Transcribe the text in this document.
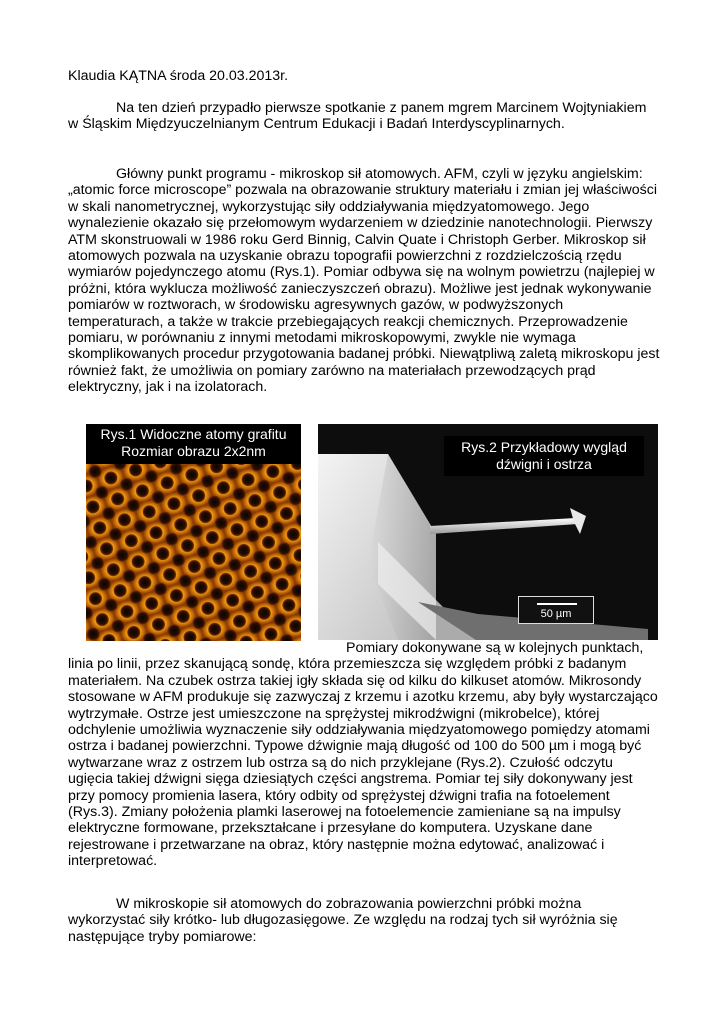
Klaudia KĄTNA środa 20.03.2013r.

Na ten dzień przypadło pierwsze spotkanie z panem mgrem Marcinem Wojtyniakiem w Śląskim Międzyuczelnianym Centrum Edukacji i Badań Interdyscyplinarnych.

Główny punkt programu - mikroskop sił atomowych. AFM, czyli w języku angielskim: „atomic force microscope” pozwala na obrazowanie struktury materiału i zmian jej właściwości w skali nanometrycznej, wykorzystując siły oddziaływania międzyatomowego. Jego wynalezienie okazało się przełomowym wydarzeniem w dziedzinie nanotechnologii. Pierwszy ATM skonstruowali w 1986 roku Gerd Binnig, Calvin Quate i Christoph Gerber. Mikroskop sił atomowych pozwala na uzyskanie obrazu topografii powierzchni z rozdzielczością rzędu wymiarów pojedynczego atomu (Rys.1). Pomiar odbywa się na wolnym powietrzu (najlepiej w próżni, która wyklucza możliwość zanieczyszczeń obrazu). Możliwe jest jednak wykonywanie pomiarów w roztworach, w środowisku agresywnych gazów, w podwyższonych temperaturach, a także w trakcie przebiegających reakcji chemicznych. Przeprowadzenie pomiaru, w porównaniu z innymi metodami mikroskopowymi, zwykle nie wymaga skomplikowanych procedur przygotowania badanej próbki. Niewątpliwą zaletą mikroskopu jest również fakt, że umożliwia on pomiary zarówno na materiałach przewodzących prąd elektryczny, jak i na izolatorach.

Rys.1 Widoczne atomy grafitu
Rozmiar obrazu 2x2nm	Rys.2 Przykładowy wygląd
dźwigni i ostrza
50 µm

Pomiary dokonywane są w kolejnych punktach,
linia po linii, przez skanującą sondę, która przemieszcza się względem próbki z badanym materiałem. Na czubek ostrza takiej igły składa się od kilku do kilkuset atomów. Mikrosondy stosowane w AFM produkuje się zazwyczaj z krzemu i azotku krzemu, aby były wystarczająco wytrzymałe. Ostrze jest umieszczone na sprężystej mikrodźwigni (mikrobelce), której odchylenie umożliwia wyznaczenie siły oddziaływania międzyatomowego pomiędzy atomami ostrza i badanej powierzchni. Typowe dźwignie mają długość od 100 do 500 µm i mogą być wytwarzane wraz z ostrzem lub ostrza są do nich przyklejane (Rys.2). Czułość odczytu ugięcia takiej dźwigni sięga dziesiątych części angstrema. Pomiar tej siły dokonywany jest przy pomocy promienia lasera, który odbity od sprężystej dźwigni trafia na fotoelement (Rys.3). Zmiany położenia plamki laserowej na fotoelemencie zamieniane są na impulsy elektryczne formowane, przekształcane i przesyłane do komputera. Uzyskane dane rejestrowane i przetwarzane na obraz, który następnie można edytować, analizować i interpretować.

W mikroskopie sił atomowych do zobrazowania powierzchni próbki można wykorzystać siły krótko- lub długozasięgowe. Ze względu na rodzaj tych sił wyróżnia się następujące tryby pomiarowe:
